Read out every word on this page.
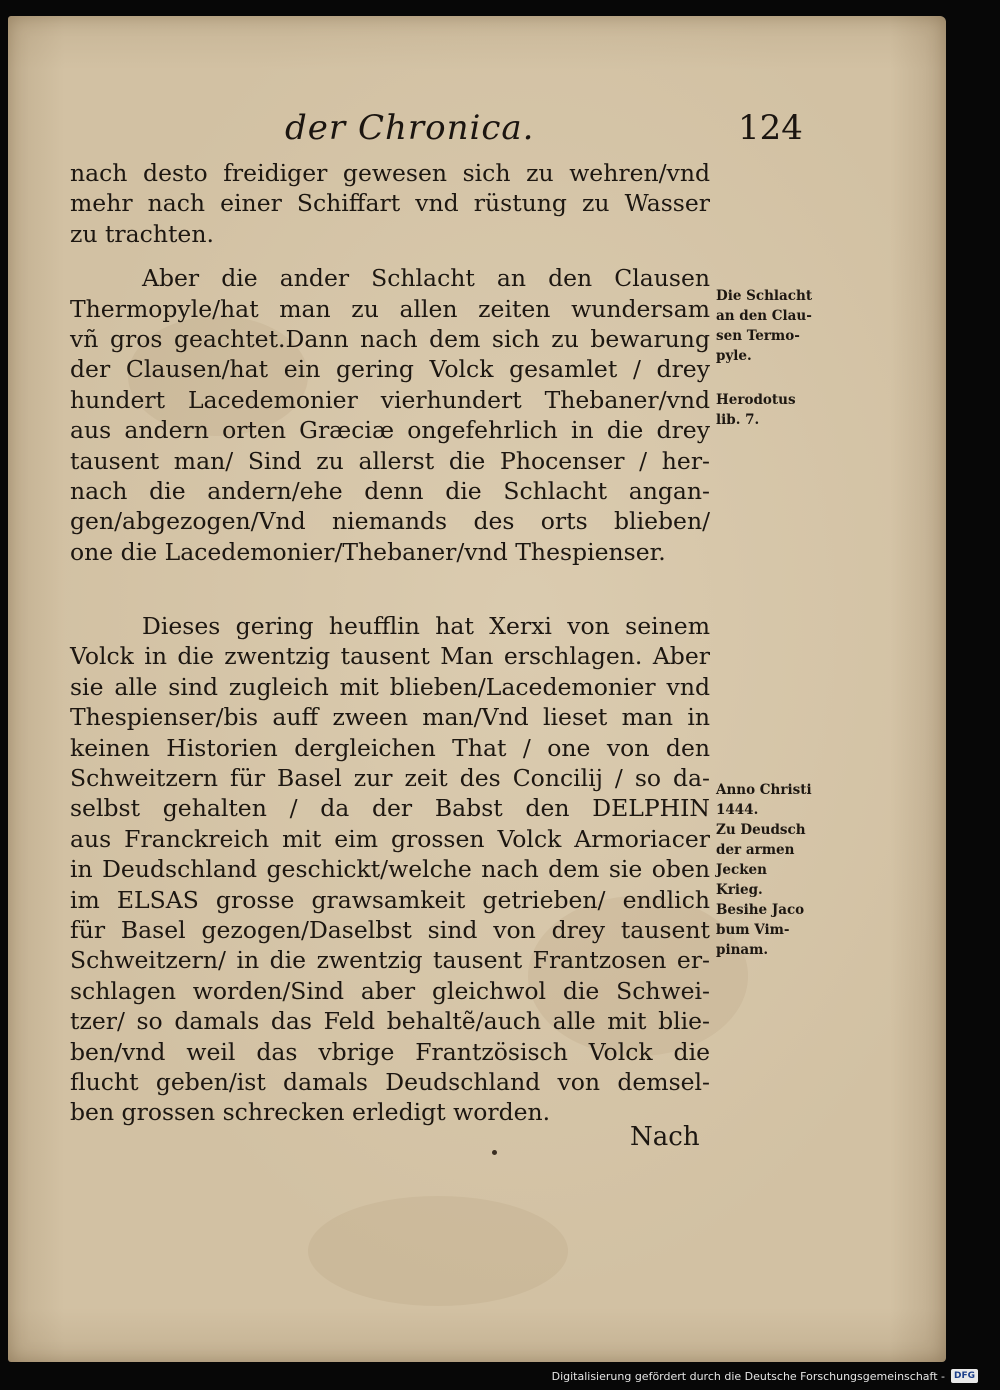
der Chronica.	124
nach desto freidiger gewesen sich zu wehren/vnd
mehr nach einer Schiffart vnd rüstung zu Wasser
zu trachten.
Aber die ander Schlacht an den Clausen
Thermopyle/hat man zu allen zeiten wundersam
vñ gros geachtet.Dann nach dem sich zu bewarung
der Clausen/hat ein gering Volck gesamlet / drey
hundert Lacedemonier vierhundert Thebaner/vnd
aus andern orten Græciæ ongefehrlich in die drey
tausent man/ Sind zu allerst die Phocenser / her-
nach die andern/ehe denn die Schlacht angan-
gen/abgezogen/Vnd niemands des orts blieben/
one die Lacedemonier/Thebaner/vnd Thespienser.
Dieses gering heufflin hat Xerxi von seinem
Volck in die zwentzig tausent Man erschlagen. Aber
sie alle sind zugleich mit blieben/Lacedemonier vnd
Thespienser/bis auff zween man/Vnd lieset man in
keinen Historien dergleichen That / one von den
Schweitzern für Basel zur zeit des Concilij / so da-
selbst gehalten / da der Babst den DELPHIN
aus Franckreich mit eim grossen Volck Armoriacer
in Deudschland geschickt/welche nach dem sie oben
im ELSAS grosse grawsamkeit getrieben/ endlich
für Basel gezogen/Daselbst sind von drey tausent
Schweitzern/ in die zwentzig tausent Frantzosen er-
schlagen worden/Sind aber gleichwol die Schwei-
tzer/ so damals das Feld behaltẽ/auch alle mit blie-
ben/vnd weil das vbrige Frantzösisch Volck die
flucht geben/ist damals Deudschland von demsel-
ben grossen schrecken erledigt worden.
Die Schlacht
an den Clau-
sen Termo-
pyle.
Herodotus
lib. 7.
Anno Christi
1444.
Zu Deudsch
der armen
Jecken
Krieg.
Besihe Jaco
bum Vim-
pinam.
Nach
Digitalisierung gefördert durch die Deutsche Forschungsgemeinschaft -	DFG
